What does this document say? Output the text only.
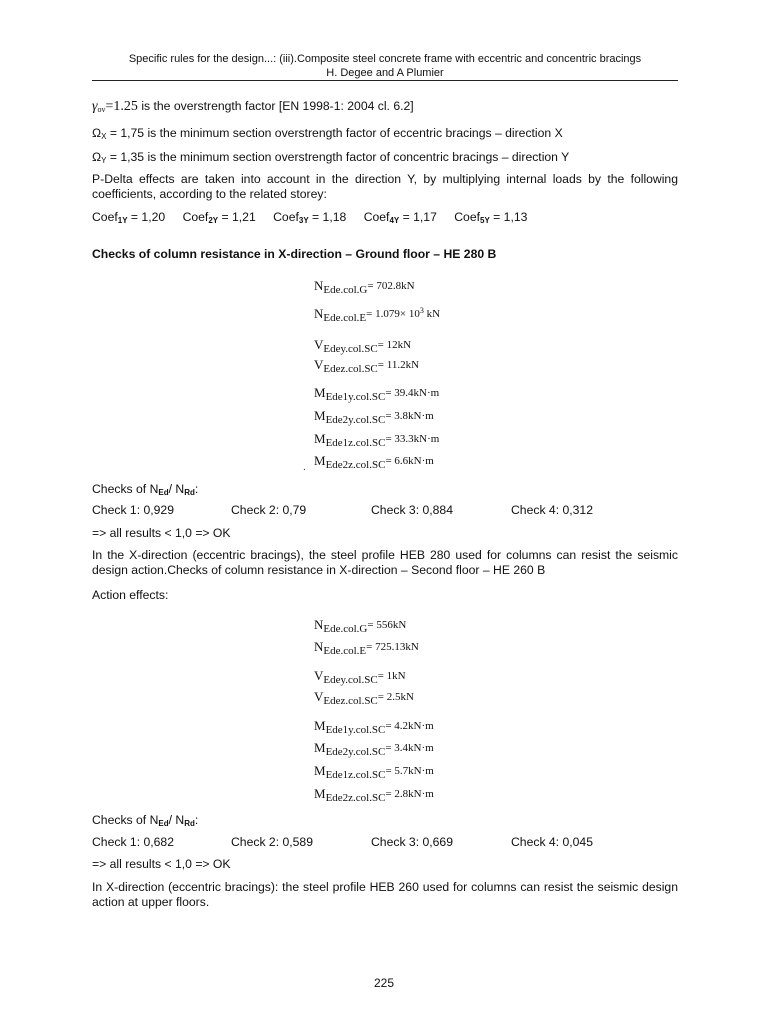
Specific rules for the design...: (iii).Composite steel concrete frame with eccentric and concentric bracings
H. Degee and A Plumier
$\gamma_{ov}=1.25$ is the overstrength factor [EN 1998-1: 2004 cl. 6.2]
$\Omega_X = 1,75$ is the minimum section overstrength factor of eccentric bracings – direction X
$\Omega_Y = 1,35$ is the minimum section overstrength factor of concentric bracings – direction Y
P-Delta effects are taken into account in the direction Y, by multiplying internal loads by the following coefficients, according to the related storey:
Coef$_{1Y}$ = 1,20 Coef$_{2Y}$ = 1,21 Coef$_{3Y}$ = 1,18 Coef$_{4Y}$ = 1,17 Coef$_{5Y}$ = 1,13
Checks of column resistance in X-direction – Ground floor – HE 280 B
NEde.col.G= 702.8kN
NEde.col.E= $1.079\times 10^3$ kN
VEdey.col.SC= 12kN
VEdez.col.SC= 11.2kN
MEde1y.col.SC= 39.4kN·m
MEde2y.col.SC= 3.8kN·m
MEde1z.col.SC= 33.3kN·m
MEde2z.col.SC= 6.6kN·m
.
Checks of $N_{Ed}/$ $N_{Rd}$:
Check 1: 0,929	Check 2: 0,79	Check 3: 0,884	Check 4: 0,312
=> all results < 1,0 => OK
In the X-direction (eccentric bracings), the steel profile HEB 280 used for columns can resist the seismic design action.Checks of column resistance in X-direction – Second floor – HE 260 B
Action effects:
NEde.col.G= 556kN
NEde.col.E= 725.13kN
VEdey.col.SC= 1kN
VEdez.col.SC= 2.5kN
MEde1y.col.SC= 4.2kN·m
MEde2y.col.SC= 3.4kN·m
MEde1z.col.SC= 5.7kN·m
MEde2z.col.SC= 2.8kN·m
Checks of $N_{Ed}/$ $N_{Rd}$:
Check 1: 0,682	Check 2: 0,589	Check 3: 0,669	Check 4: 0,045
=> all results < 1,0 => OK
In X-direction (eccentric bracings): the steel profile HEB 260 used for columns can resist the seismic design action at upper floors.
225
